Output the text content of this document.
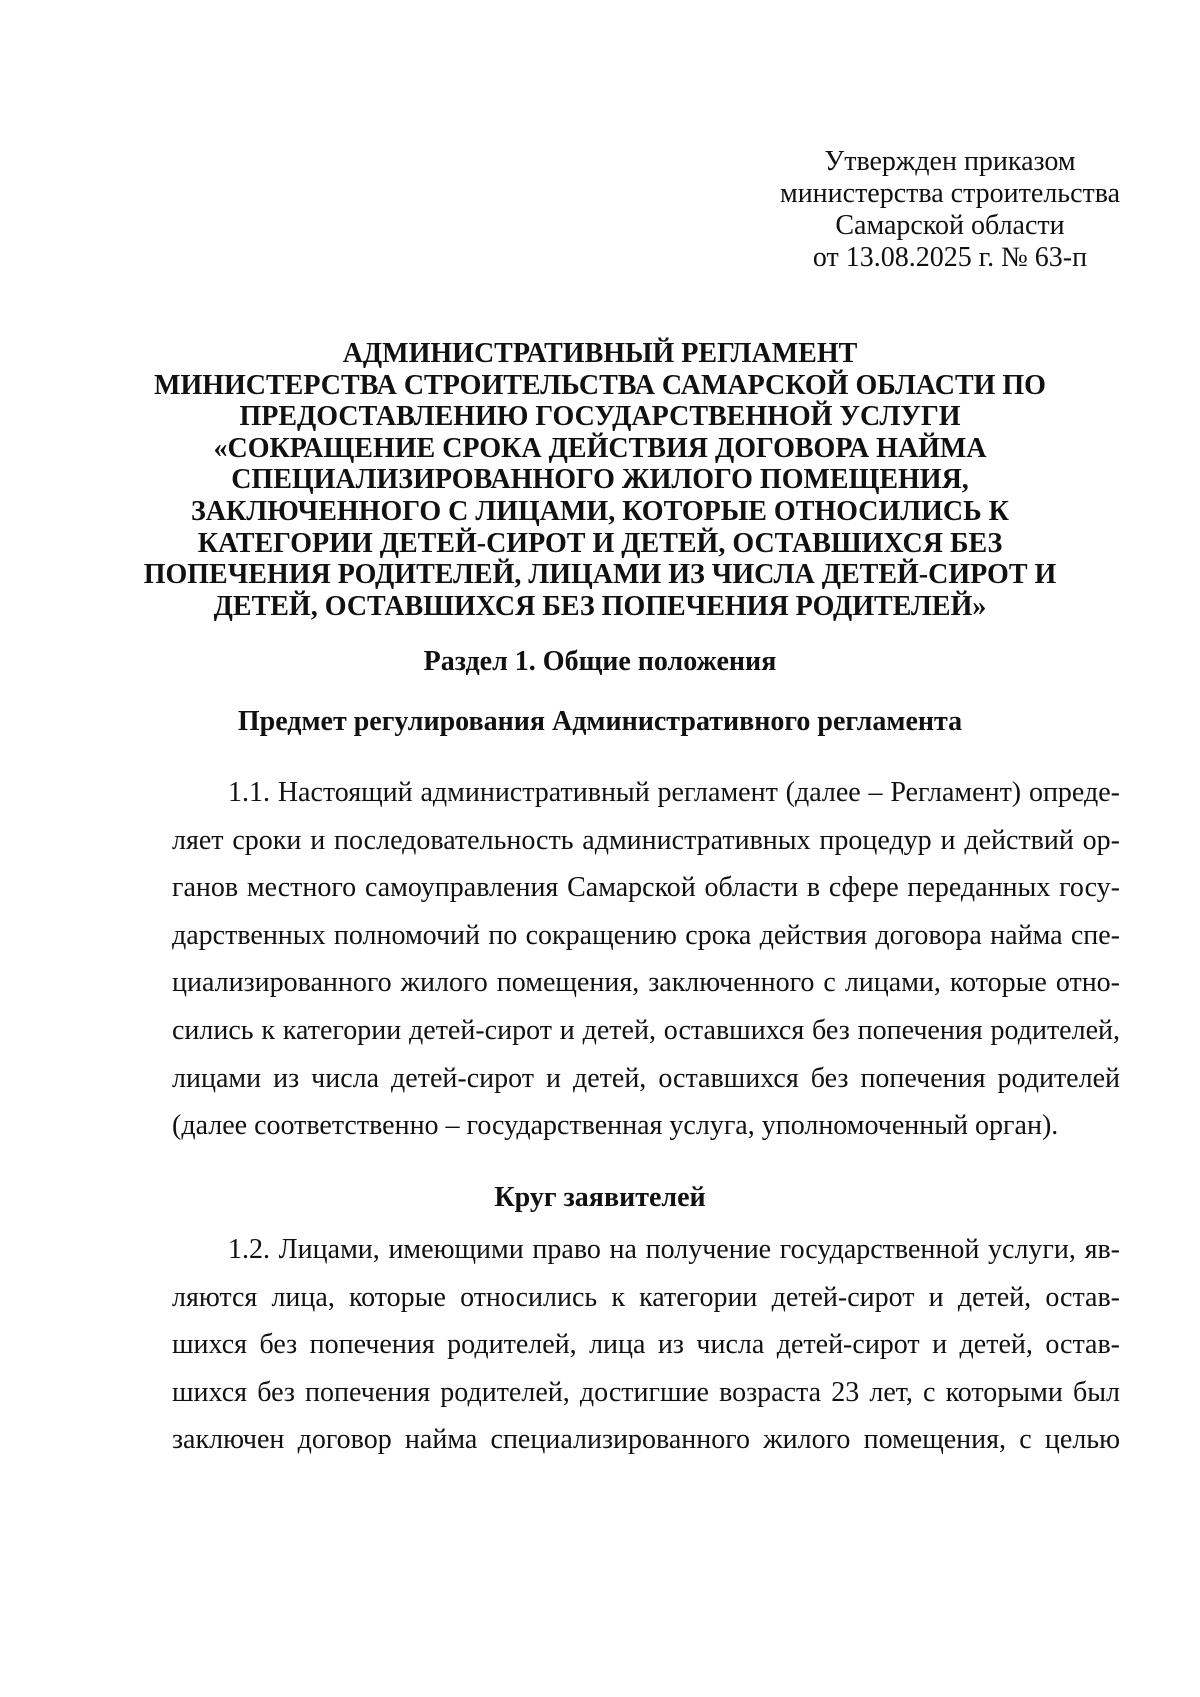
Утвержден приказом
министерства строительства
Самарской области
от 13.08.2025 г. № 63-п
АДМИНИСТРАТИВНЫЙ РЕГЛАМЕНТ
МИНИСТЕРСТВА СТРОИТЕЛЬСТВА САМАРСКОЙ ОБЛАСТИ ПО
ПРЕДОСТАВЛЕНИЮ ГОСУДАРСТВЕННОЙ УСЛУГИ
«СОКРАЩЕНИЕ СРОКА ДЕЙСТВИЯ ДОГОВОРА НАЙМА
СПЕЦИАЛИЗИРОВАННОГО ЖИЛОГО ПОМЕЩЕНИЯ,
ЗАКЛЮЧЕННОГО С ЛИЦАМИ, КОТОРЫЕ ОТНОСИЛИСЬ К
КАТЕГОРИИ ДЕТЕЙ-СИРОТ И ДЕТЕЙ, ОСТАВШИХСЯ БЕЗ
ПОПЕЧЕНИЯ РОДИТЕЛЕЙ, ЛИЦАМИ ИЗ ЧИСЛА ДЕТЕЙ-СИРОТ И
ДЕТЕЙ, ОСТАВШИХСЯ БЕЗ ПОПЕЧЕНИЯ РОДИТЕЛЕЙ»
Раздел 1. Общие положения
Предмет регулирования Административного регламента
1.1. Настоящий административный регламент (далее – Регламент) опреде-
ляет сроки и последовательность административных процедур и действий ор-
ганов местного самоуправления Самарской области в сфере переданных госу-
дарственных полномочий по сокращению срока действия договора найма спе-
циализированного жилого помещения, заключенного с лицами, которые отно-
сились к категории детей-сирот и детей, оставшихся без попечения родителей,
лицами из числа детей-сирот и детей, оставшихся без попечения родителей
(далее соответственно – государственная услуга, уполномоченный орган).
Круг заявителей
1.2. Лицами, имеющими право на получение государственной услуги, яв-
ляются лица, которые относились к категории детей-сирот и детей, остав-
шихся без попечения родителей, лица из числа детей-сирот и детей, остав-
шихся без попечения родителей, достигшие возраста 23 лет, с которыми был
заключен договор найма специализированного жилого помещения, с целью
